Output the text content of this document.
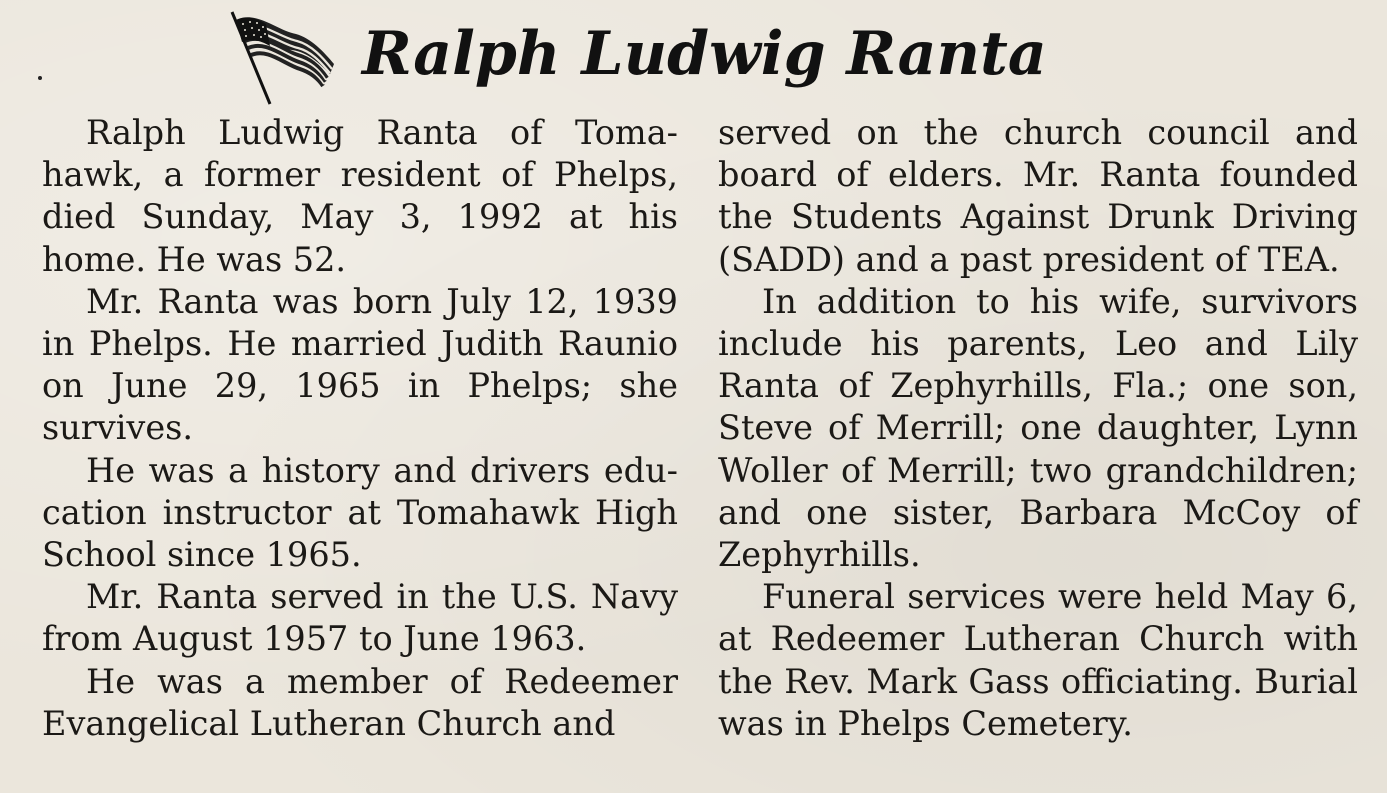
Ralph Ludwig Ranta

Ralph Ludwig Ranta of Tomahawk, a former resident of Phelps, died Sunday, May 3, 1992 at his home. He was 52.

Mr. Ranta was born July 12, 1939 in Phelps. He married Judith Raunio on June 29, 1965 in Phelps; she survives.

He was a history and drivers education instructor at Tomahawk High School since 1965.

Mr. Ranta served in the U.S. Navy from August 1957 to June 1963.

He was a member of Redeemer Evangelical Lutheran Church and

served on the church council and board of elders. Mr. Ranta founded the Students Against Drunk Driving (SADD) and a past president of TEA.

In addition to his wife, survivors include his parents, Leo and Lily Ranta of Zephyrhills, Fla.; one son, Steve of Merrill; one daughter, Lynn Woller of Merrill; two grandchildren; and one sister, Barbara McCoy of Zephyrhills.

Funeral services were held May 6, at Redeemer Lutheran Church with the Rev. Mark Gass officiating. Burial was in Phelps Cemetery.
